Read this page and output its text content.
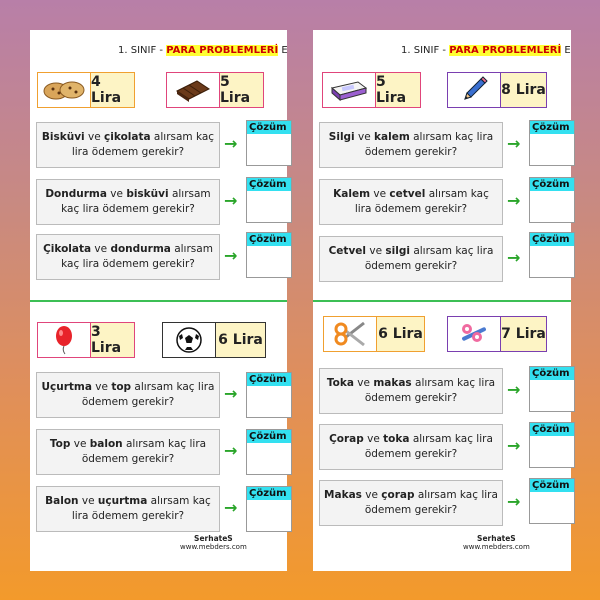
1. SINIF - PARA PROBLEMLERİ E
4 Lira
5 Lira
Bisküvi ve çikolata alırsam kaç lira ödemem gerekir?	→
Çözüm
Dondurma ve bisküvi alırsam kaç lira ödemem gerekir?	→
Çözüm
Çikolata ve dondurma alırsam kaç lira ödemem gerekir?	→
Çözüm
3 Lira	6 Lira
Uçurtma ve top alırsam kaç lira ödemem gerekir?	→
Çözüm
Top ve balon alırsam kaç lira ödemem gerekir?	→
Çözüm
Balon ve uçurtma alırsam kaç lira ödemem gerekir?	→
Çözüm
SerhateS
www.mebders.com
1. SINIF - PARA PROBLEMLERİ E
5 Lira	8 Lira
Silgi ve kalem alırsam kaç lira ödemem gerekir?	→
Çözüm
Kalem ve cetvel alırsam kaç lira ödemem gerekir?	→
Çözüm
Cetvel ve silgi alırsam kaç lira ödemem gerekir?	→
Çözüm
6 Lira	7 Lira
Toka ve makas alırsam kaç lira ödemem gerekir?	→
Çözüm
Çorap ve toka alırsam kaç lira ödemem gerekir?	→
Çözüm
Makas ve çorap alırsam kaç lira ödemem gerekir?	→
Çözüm
SerhateS
www.mebders.com
